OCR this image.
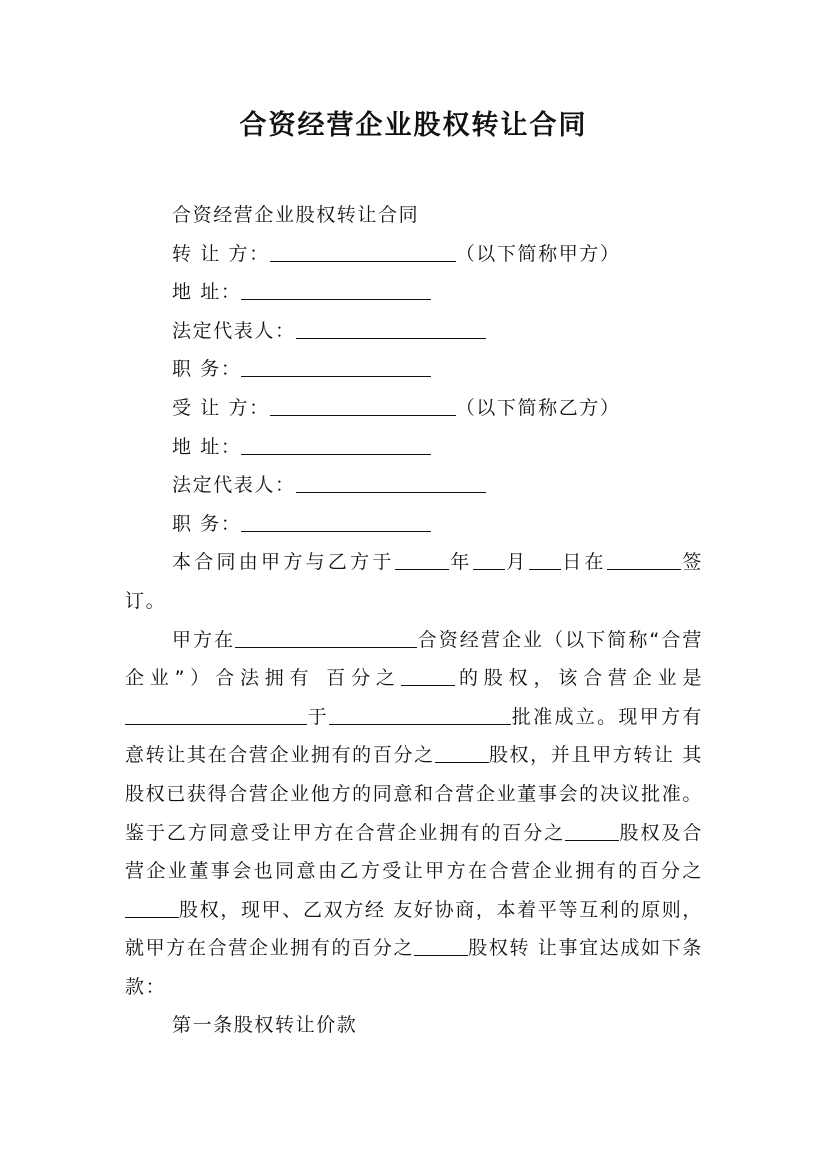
合资经营企业股权转让合同
合资经营企业股权转让合同
转 让 方：	（以下简称甲方）
地 址：
法定代表人：
职 务：
受 让 方：	（以下简称乙方）
地 址：
法定代表人：
职 务：
本合同由甲方与乙方于	年 月 日在	签订。
甲方在	合资经营企业（以下简称“合营企业”）合法拥有 百分之	的股权，该合营企业是于	批准成立。现甲方有意转让其在合营企业拥有的百分之	股权，并且甲方转让 其股权已获得合营企业他方的同意和合营企业董事会的决议批准。鉴于乙方同意受让甲方在合营企业拥有的百分之	股权及合营企业董事会也同意由乙方受让甲方在合营企业拥有的百分之股权，现甲、乙双方经 友好协商，本着平等互利的原则，就甲方在合营企业拥有的百分之	股权转 让事宜达成如下条款：
第一条股权转让价款
